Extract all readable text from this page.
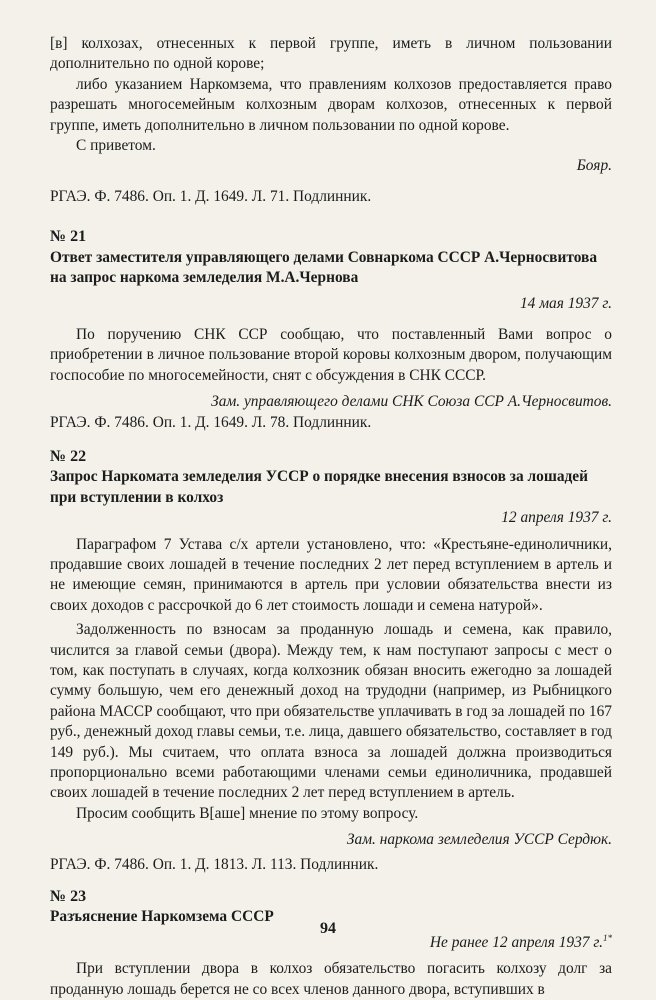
[в] колхозах, отнесенных к первой группе, иметь в личном пользовании дополнительно по одной корове;

либо указанием Наркомзема, что правлениям колхозов предоставляется право разрешать многосемейным колхозным дворам колхозов, отнесенных к первой группе, иметь дополнительно в личном пользовании по одной корове.

С приветом.

Бояр.

РГАЭ. Ф. 7486. Оп. 1. Д. 1649. Л. 71. Подлинник.

№ 21

Ответ заместителя управляющего делами Совнаркома СССР А.Черносвитова на запрос наркома земледелия М.А.Чернова

14 мая 1937 г.

По поручению СНК ССР сообщаю, что поставленный Вами вопрос о приобретении в личное пользование второй коровы колхозным двором, получающим госпособие по многосемейности, снят с обсуждения в СНК СССР.

Зам. управляющего делами СНК Союза ССР А.Черносвитов.

РГАЭ. Ф. 7486. Оп. 1. Д. 1649. Л. 78. Подлинник.

№ 22

Запрос Наркомата земледелия УССР о порядке внесения взносов за лошадей при вступлении в колхоз

12 апреля 1937 г.

Параграфом 7 Устава с/х артели установлено, что: «Крестьяне-единоличники, продавшие своих лошадей в течение последних 2 лет перед вступлением в артель и не имеющие семян, принимаются в артель при условии обязательства внести из своих доходов с рассрочкой до 6 лет стоимость лошади и семена натурой».

Задолженность по взносам за проданную лошадь и семена, как правило, числится за главой семьи (двора). Между тем, к нам поступают запросы с мест о том, как поступать в случаях, когда колхозник обязан вносить ежегодно за лошадей сумму большую, чем его денежный доход на трудодни (например, из Рыбницкого района МАССР сообщают, что при обязательстве уплачивать в год за лошадей по 167 руб., денежный доход главы семьи, т.е. лица, давшего обязательство, составляет в год 149 руб.). Мы считаем, что оплата взноса за лошадей должна производиться пропорционально всеми работающими членами семьи единоличника, продавшей своих лошадей в течение последних 2 лет перед вступлением в артель.

Просим сообщить В[аше] мнение по этому вопросу.

Зам. наркома земледелия УССР Сердюк.

РГАЭ. Ф. 7486. Оп. 1. Д. 1813. Л. 113. Подлинник.

№ 23

Разъяснение Наркомзема СССР

Не ранее 12 апреля 1937 г.$^{1*}$

При вступлении двора в колхоз обязательство погасить колхозу долг за проданную лошадь берется не со всех членов данного двора, вступивших в

94
